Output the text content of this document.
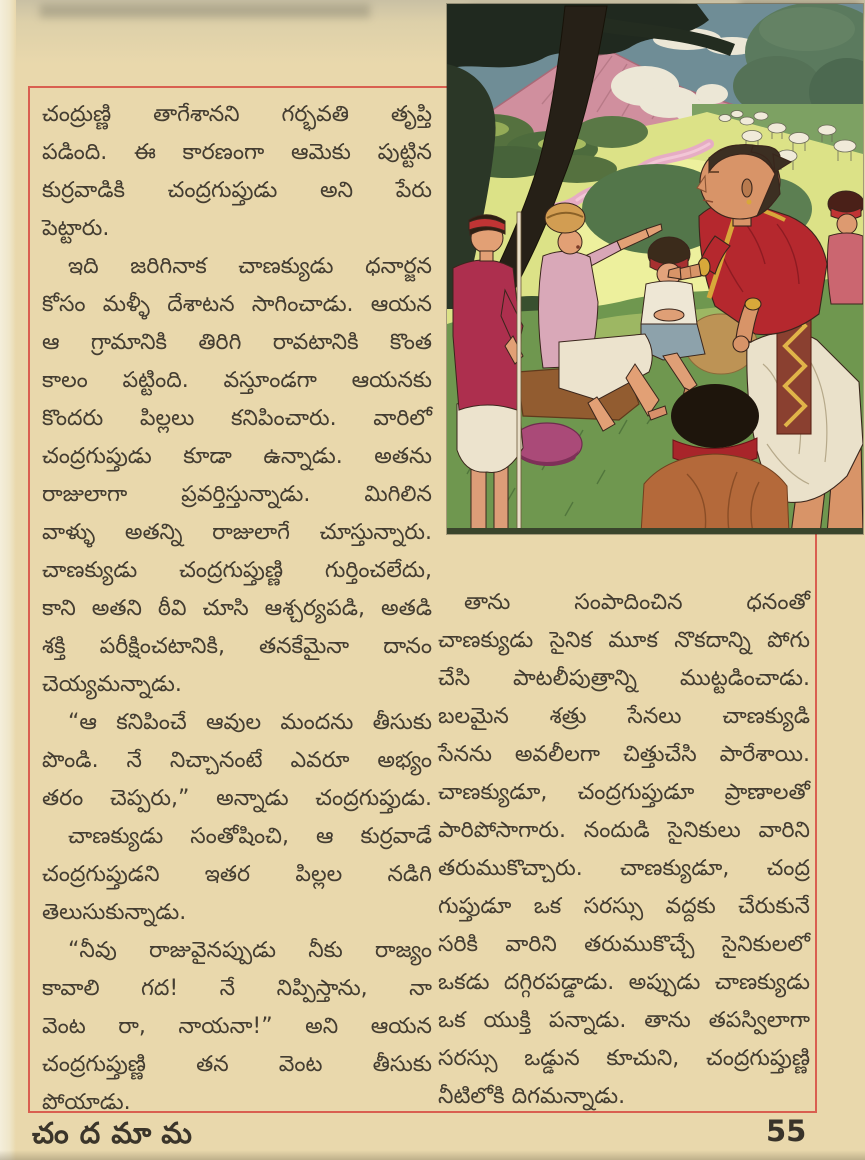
చంద్రుణ్ణి తాగేశానని గర్భవతి తృప్తి
పడింది. ఈ కారణంగా ఆమెకు పుట్టిన
కుర్రవాడికి చంద్రగుప్తుడు అని పేరు
పెట్టారు.
ఇది జరిగినాక చాణక్యుడు ధనార్జన
కోసం మళ్ళీ దేశాటన సాగించాడు. ఆయన
ఆ గ్రామానికి తిరిగి రావటానికి కొంత
కాలం పట్టింది. వస్తూండగా ఆయనకు
కొందరు పిల్లలు కనిపించారు. వారిలో
చంద్రగుప్తుడు కూడా ఉన్నాడు. అతను
రాజులాగా ప్రవర్తిస్తున్నాడు. మిగిలిన
వాళ్ళు అతన్ని రాజులాగే చూస్తున్నారు.
చాణక్యుడు చంద్రగుప్తుణ్ణి గుర్తించలేదు,
కాని అతని ఠీవి చూసి ఆశ్చర్యపడి, అతడి
శక్తి పరీక్షించటానికి, తనకేమైనా దానం
చెయ్యమన్నాడు.
“ఆ కనిపించే ఆవుల మందను తీసుకు
పొండి. నే నిచ్చానంటే ఎవరూ అభ్యం
తరం చెప్పరు,” అన్నాడు చంద్రగుప్తుడు.
చాణక్యుడు సంతోషించి, ఆ కుర్రవాడే
చంద్రగుప్తుడని ఇతర పిల్లల నడిగి
తెలుసుకున్నాడు.
“నీవు రాజువైనప్పుడు నీకు రాజ్యం
కావాలి గద! నే నిప్పిస్తాను, నా
వెంట రా, నాయనా!” అని ఆయన
చంద్రగుప్తుణ్ణి తన వెంట తీసుకు
పోయాడు.
తాను సంపాదించిన ధనంతో
చాణక్యుడు సైనిక మూక నొకదాన్ని పోగు
చేసి పాటలీపుత్రాన్ని ముట్టడించాడు.
బలమైన శత్రు సేనలు చాణక్యుడి
సేనను అవలీలగా చిత్తుచేసి పారేశాయి.
చాణక్యుడూ, చంద్రగుప్తుడూ ప్రాణాలతో
పారిపోసాగారు. నందుడి సైనికులు వారిని
తరుముకొచ్చారు. చాణక్యుడూ, చంద్ర
గుప్తుడూ ఒక సరస్సు వద్దకు చేరుకునే
సరికి వారిని తరుముకొచ్చే సైనికులలో
ఒకడు దగ్గిరపడ్డాడు. అప్పుడు చాణక్యుడు
ఒక యుక్తి పన్నాడు. తాను తపస్విలాగా
సరస్సు ఒడ్డున కూచుని, చంద్రగుప్తుణ్ణి
నీటిలోకి దిగమన్నాడు.
చందమామ	55
